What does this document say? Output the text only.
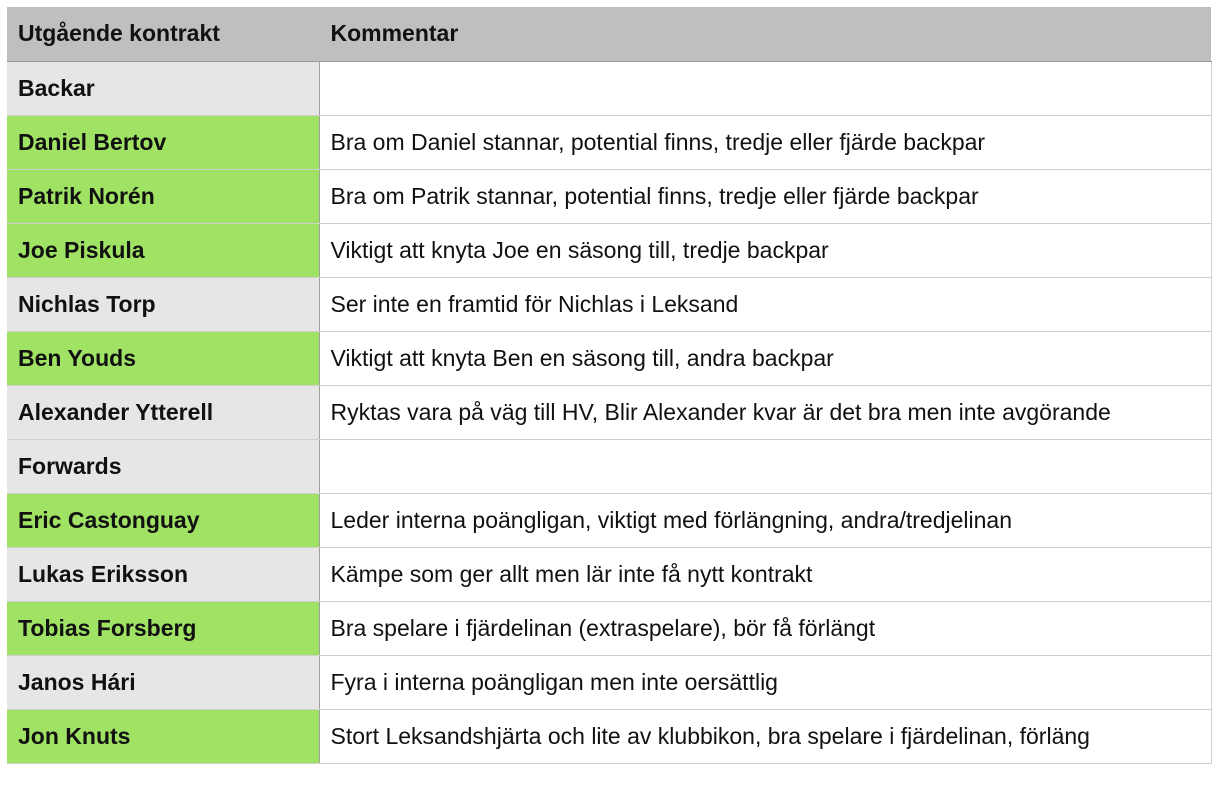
Utgående kontrakt	Kommentar
Backar	
Daniel Bertov	Bra om Daniel stannar, potential finns, tredje eller fjärde backpar
Patrik Norén	Bra om Patrik stannar, potential finns, tredje eller fjärde backpar
Joe Piskula	Viktigt att knyta Joe en säsong till, tredje backpar
Nichlas Torp	Ser inte en framtid för Nichlas i Leksand
Ben Youds	Viktigt att knyta Ben en säsong till, andra backpar
Alexander Ytterell	Ryktas vara på väg till HV, Blir Alexander kvar är det bra men inte avgörande
Forwards	
Eric Castonguay	Leder interna poängligan, viktigt med förlängning, andra/tredjelinan
Lukas Eriksson	Kämpe som ger allt men lär inte få nytt kontrakt
Tobias Forsberg	Bra spelare i fjärdelinan (extraspelare), bör få förlängt
Janos Hári	Fyra i interna poängligan men inte oersättlig
Jon Knuts	Stort Leksandshjärta och lite av klubbikon, bra spelare i fjärdelinan, förläng
